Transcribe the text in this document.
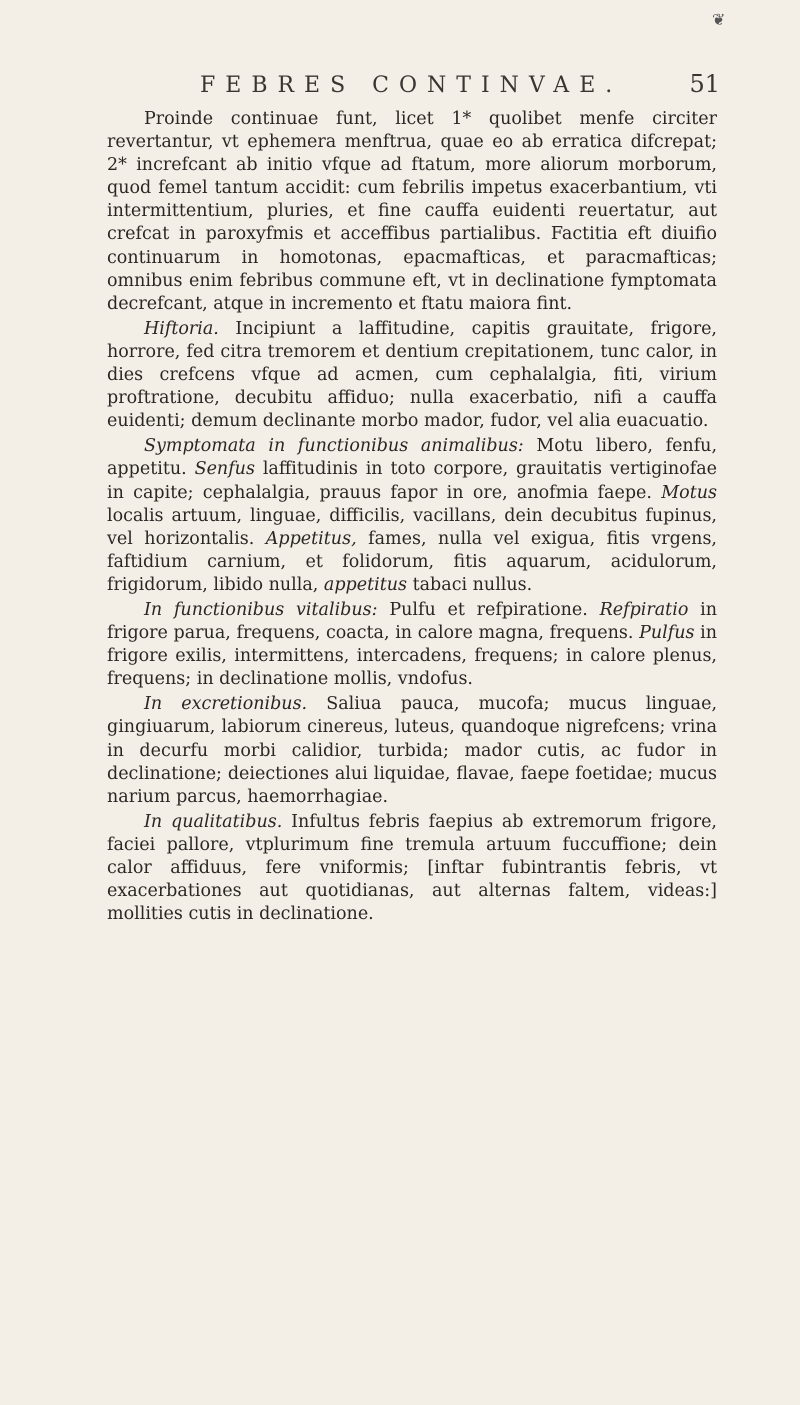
❦
FEBRES CONTINVAE.	51

Proinde continuae funt, licet 1* quolibet menfe circiter revertantur, vt ephemera menftrua, quae eo ab erratica difcrepat; 2* increfcant ab initio vfque ad ftatum, more aliorum morborum, quod femel tantum accidit: cum febrilis impetus exacerbantium, vti intermittentium, pluries, et fine cauffa euidenti reuertatur, aut crefcat in paroxyfmis et acceffibus partialibus. Factitia eft diuifio continuarum in homotonas, epacmafticas, et paracmafticas; omnibus enim febribus commune eft, vt in declinatione fymptomata decrefcant, atque in incremento et ftatu maiora fint.

Hiftoria. Incipiunt a laffitudine, capitis grauitate, frigore, horrore, fed citra tremorem et dentium crepitationem, tunc calor, in dies crefcens vfque ad acmen, cum cephalalgia, fiti, virium proftratione, decubitu affiduo; nulla exacerbatio, nifi a cauffa euidenti; demum declinante morbo mador, fudor, vel alia euacuatio.

Symptomata in functionibus animalibus: Motu libero, fenfu, appetitu. Senfus laffitudinis in toto corpore, grauitatis vertiginofae in capite; cephalalgia, prauus fapor in ore, anofmia faepe. Motus localis artuum, linguae, difficilis, vacillans, dein decubitus fupinus, vel horizontalis. Appetitus, fames, nulla vel exigua, fitis vrgens, faftidium carnium, et folidorum, fitis aquarum, acidulorum, frigidorum, libido nulla, appetitus tabaci nullus.

In functionibus vitalibus: Pulfu et refpiratione. Refpiratio in frigore parua, frequens, coacta, in calore magna, frequens. Pulfus in frigore exilis, intermittens, intercadens, frequens; in calore plenus, frequens; in declinatione mollis, vndofus.

In excretionibus. Saliua pauca, mucofa; mucus linguae, gingiuarum, labiorum cinereus, luteus, quandoque nigrefcens; vrina in decurfu morbi calidior, turbida; mador cutis, ac fudor in declinatione; deiectiones alui liquidae, flavae, faepe foetidae; mucus narium parcus, haemorrhagiae.

In qualitatibus. Infultus febris faepius ab extremorum frigore, faciei pallore, vtplurimum fine tremula artuum fuccuffione; dein calor affiduus, fere vniformis; [inftar fubintrantis febris, vt exacerbationes aut quotidianas, aut alternas faltem, videas:] mollities cutis in declinatione.
